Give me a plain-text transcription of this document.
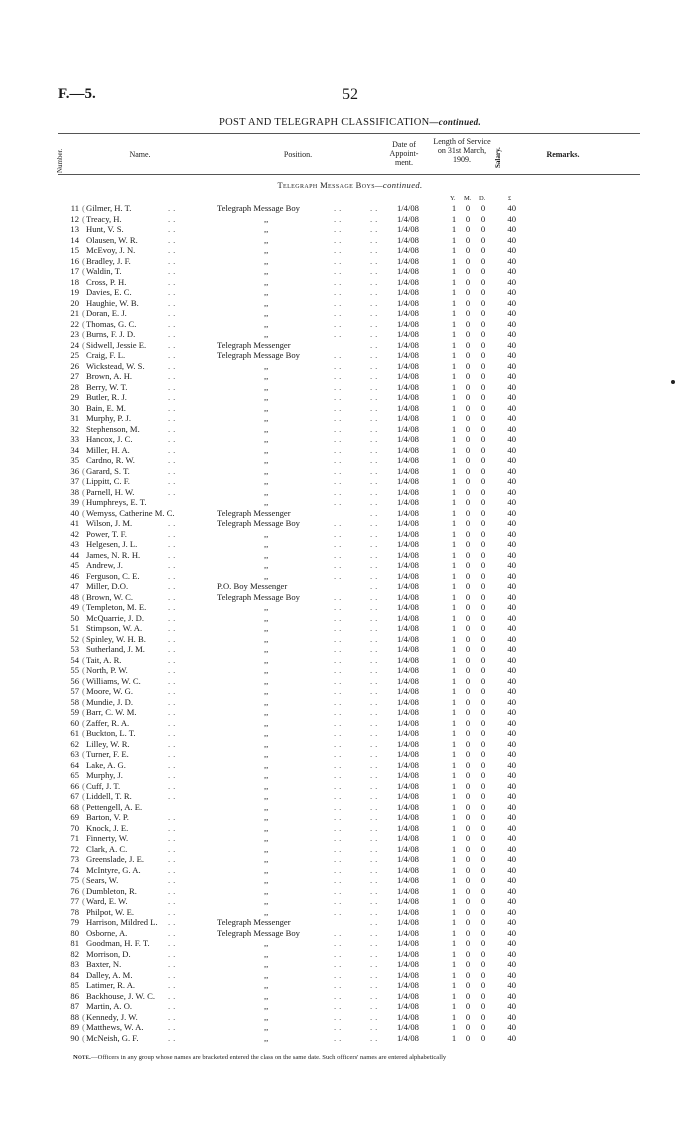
F.—5.	52
POST AND TELEGRAPH CLASSIFICATION—continued.
Number.	Name.	Position.
Date of Appoint- ment.
Length of Service on 31st March, 1909.	Salary.	Remarks.
Telegraph Message Boys—continued.
Y. M. D.	£
11 ( Gilmer, H. T.	..	Telegraph Message Boy	..	.. 1/4/08	1 0 0	40
12 ( Treacy, H.	..	,,	..	.. 1/4/08	1 0 0	40
13 Hunt, V. S.	..	,,	..	.. 1/4/08	1 0 0	40
14 Olausen, W. R.	..	,,	..	.. 1/4/08	1 0 0	40
15 McEvoy, J. N.	..	,,	..	.. 1/4/08	1 0 0	40
16 ( Bradley, J. F.	..	,,	..	.. 1/4/08	1 0 0	40
17 ( Waldin, T.	..	,,	..	.. 1/4/08	1 0 0	40
18 Cross, P. H.	..	,,	..	.. 1/4/08	1 0 0	40
19 Davies, E. C.	..	,,	..	.. 1/4/08	1 0 0	40
20 Haughie, W. B.	..	,,	..	.. 1/4/08	1 0 0	40
21 ( Doran, E. J.	..	,,	..	.. 1/4/08	1 0 0	40
22 ( Thomas, G. C.	..	,,	..	.. 1/4/08	1 0 0	40
23 ( Burns, F. J. D.	..	,,	..	.. 1/4/08	1 0 0	40
24 ( Sidwell, Jessie E.	..	Telegraph Messenger	.. 1/4/08	1 0 0	40
25 Craig, F. L.	..	Telegraph Message Boy	..	.. 1/4/08	1 0 0	40
26 Wickstead, W. S.	..	,,	..	.. 1/4/08	1 0 0	40
27 Brown, A. H.	..	,,	..	.. 1/4/08	1 0 0	40
28 Berry, W. T.	..	,,	..	.. 1/4/08	1 0 0	40
29 Butler, R. J.	..	,,	..	.. 1/4/08	1 0 0	40
30 Bain, E. M.	..	,,	..	.. 1/4/08	1 0 0	40
31 Murphy, P. J.	..	,,	..	.. 1/4/08	1 0 0	40
32 Stephenson, M.	..	,,	..	.. 1/4/08	1 0 0	40
33 Hancox, J. C.	..	,,	..	.. 1/4/08	1 0 0	40
34 Miller, H. A.	..	,,	..	.. 1/4/08	1 0 0	40
35 Cardno, R. W.	..	,,	..	.. 1/4/08	1 0 0	40
36 ( Garard, S. T.	..	,,	..	.. 1/4/08	1 0 0	40
37 ( Lippitt, C. F.	..	,,	..	.. 1/4/08	1 0 0	40
38 ( Parnell, H. W.	..	,,	..	.. 1/4/08	1 0 0	40
39 ( Humphreys, E. T.	,,	..	.. 1/4/08	1 0 0	40
40 ( Wemyss, Catherine M. C.	Telegraph Messenger	.. 1/4/08	1 0 0	40
41 Wilson, J. M.	..	Telegraph Message Boy	..	.. 1/4/08	1 0 0	40
42 Power, T. F.	..	,,	..	.. 1/4/08	1 0 0	40
43 Helgesen, J. L.	..	,,	..	.. 1/4/08	1 0 0	40
44 James, N. R. H.	..	,,	..	.. 1/4/08	1 0 0	40
45 Andrew, J.	..	,,	..	.. 1/4/08	1 0 0	40
46 Ferguson, C. E.	..	,,	..	.. 1/4/08	1 0 0	40
47 Miller, D.O.	..	P.O. Boy Messenger	.. 1/4/08	1 0 0	40
48 ( Brown, W. C.	..	Telegraph Message Boy	..	.. 1/4/08	1 0 0	40
49 ( Templeton, M. E.	..	,,	..	.. 1/4/08	1 0 0	40
50 McQuarrie, J. D.	..	,,	..	.. 1/4/08	1 0 0	40
51 Stimpson, W. A.	..	,,	..	.. 1/4/08	1 0 0	40
52 ( Spinley, W. H. B.	..	,,	..	.. 1/4/08	1 0 0	40
53 Sutherland, J. M.	..	,,	..	.. 1/4/08	1 0 0	40
54 ( Tait, A. R.	..	,,	..	.. 1/4/08	1 0 0	40
55 ( North, P. W.	..	,,	..	.. 1/4/08	1 0 0	40
56 ( Williams, W. C.	..	,,	..	.. 1/4/08	1 0 0	40
57 ( Moore, W. G.	..	,,	..	.. 1/4/08	1 0 0	40
58 ( Mundie, J. D.	..	,,	..	.. 1/4/08	1 0 0	40
59 ( Barr, C. W. M.	..	,,	..	.. 1/4/08	1 0 0	40
60 ( Zaffer, R. A.	..	,,	..	.. 1/4/08	1 0 0	40
61 ( Buckton, L. T.	..	,,	..	.. 1/4/08	1 0 0	40
62 Lilley, W. R.	..	,,	..	.. 1/4/08	1 0 0	40
63 ( Turner, F. E.	..	,,	..	.. 1/4/08	1 0 0	40
64 Lake, A. G.	..	,,	..	.. 1/4/08	1 0 0	40
65 Murphy, J.	..	,,	..	.. 1/4/08	1 0 0	40
66 ( Cuff, J. T.	..	,,	..	.. 1/4/08	1 0 0	40
67 ( Liddell, T. R.	..	,,	..	.. 1/4/08	1 0 0	40
68 ( Pettengell, A. E.	,,	..	.. 1/4/08	1 0 0	40
69 Barton, V. P.	..	,,	..	.. 1/4/08	1 0 0	40
70 Knock, J. E.	..	,,	..	.. 1/4/08	1 0 0	40
71 Finnerty, W.	..	,,	..	.. 1/4/08	1 0 0	40
72 Clark, A. C.	..	,,	..	.. 1/4/08	1 0 0	40
73 Greenslade, J. E.	..	,,	..	.. 1/4/08	1 0 0	40
74 McIntyre, G. A.	..	,,	..	.. 1/4/08	1 0 0	40
75 ( Sears, W.	..	,,	..	.. 1/4/08	1 0 0	40
76 ( Dumbleton, R.	..	,,	..	.. 1/4/08	1 0 0	40
77 ( Ward, E. W.	..	,,	..	.. 1/4/08	1 0 0	40
78 Philpot, W. E.	..	,,	..	.. 1/4/08	1 0 0	40
79 Harrison, Mildred L. ..	Telegraph Messenger	.. 1/4/08	1 0 0	40
80 Osborne, A.	..	Telegraph Message Boy	..	.. 1/4/08	1 0 0	40
81 Goodman, H. F. T. ..	,,	..	.. 1/4/08	1 0 0	40
82 Morrison, D.	..	,,	..	.. 1/4/08	1 0 0	40
83 Baxter, N.	..	,,	..	.. 1/4/08	1 0 0	40
84 Dalley, A. M.	..	,,	..	.. 1/4/08	1 0 0	40
85 Latimer, R. A.	..	,,	..	.. 1/4/08	1 0 0	40
86 Backhouse, J. W. C. ..	,,	..	.. 1/4/08	1 0 0	40
87 Martin, A. O.	..	,,	..	.. 1/4/08	1 0 0	40
88 ( Kennedy, J. W.	..	,,	..	.. 1/4/08	1 0 0	40
89 ( Matthews, W. A.	..	,,	..	.. 1/4/08	1 0 0	40
90 ( McNeish, G. F.	..	,,	..	.. 1/4/08	1 0 0	40
Note.—Officers in any group whose names are bracketed entered the class on the same date. Such officers' names are entered alphabetically
